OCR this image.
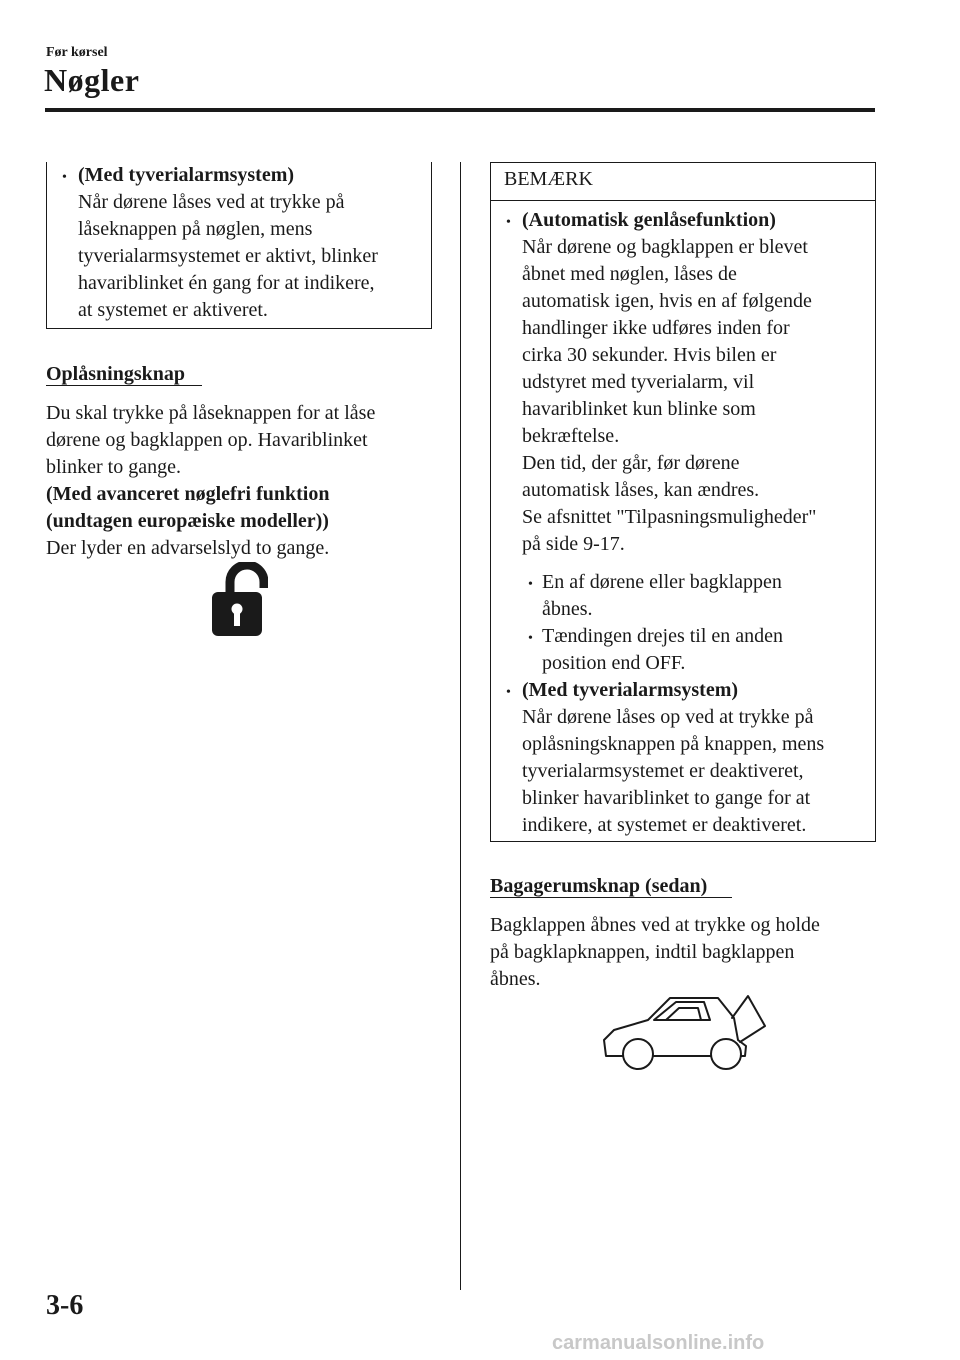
Før kørsel
Nøgler
• (Med tyverialarmsystem)
Når dørene låses ved at trykke på
låseknappen på nøglen, mens
tyverialarmsystemet er aktivt, blinker
havariblinket én gang for at indikere,
at systemet er aktiveret.
Oplåsningsknap
Du skal trykke på låseknappen for at låse
dørene og bagklappen op. Havariblinket
blinker to gange.
(Med avanceret nøglefri funktion
(undtagen europæiske modeller))
Der lyder en advarselslyd to gange.
BEMÆRK
• (Automatisk genlåsefunktion)
Når dørene og bagklappen er blevet
åbnet med nøglen, låses de
automatisk igen, hvis en af følgende
handlinger ikke udføres inden for
cirka 30 sekunder. Hvis bilen er
udstyret med tyverialarm, vil
havariblinket kun blinke som
bekræftelse.
Den tid, der går, før dørene
automatisk låses, kan ændres.
Se afsnittet "Tilpasningsmuligheder"
på side 9-17.
• En af dørene eller bagklappen
åbnes.
• Tændingen drejes til en anden
position end OFF.
• (Med tyverialarmsystem)
Når dørene låses op ved at trykke på
oplåsningsknappen på knappen, mens
tyverialarmsystemet er deaktiveret,
blinker havariblinket to gange for at
indikere, at systemet er deaktiveret.
Bagagerumsknap (sedan)
Bagklappen åbnes ved at trykke og holde
på bagklapknappen, indtil bagklappen
åbnes.
3-6
carmanualsonline.info
